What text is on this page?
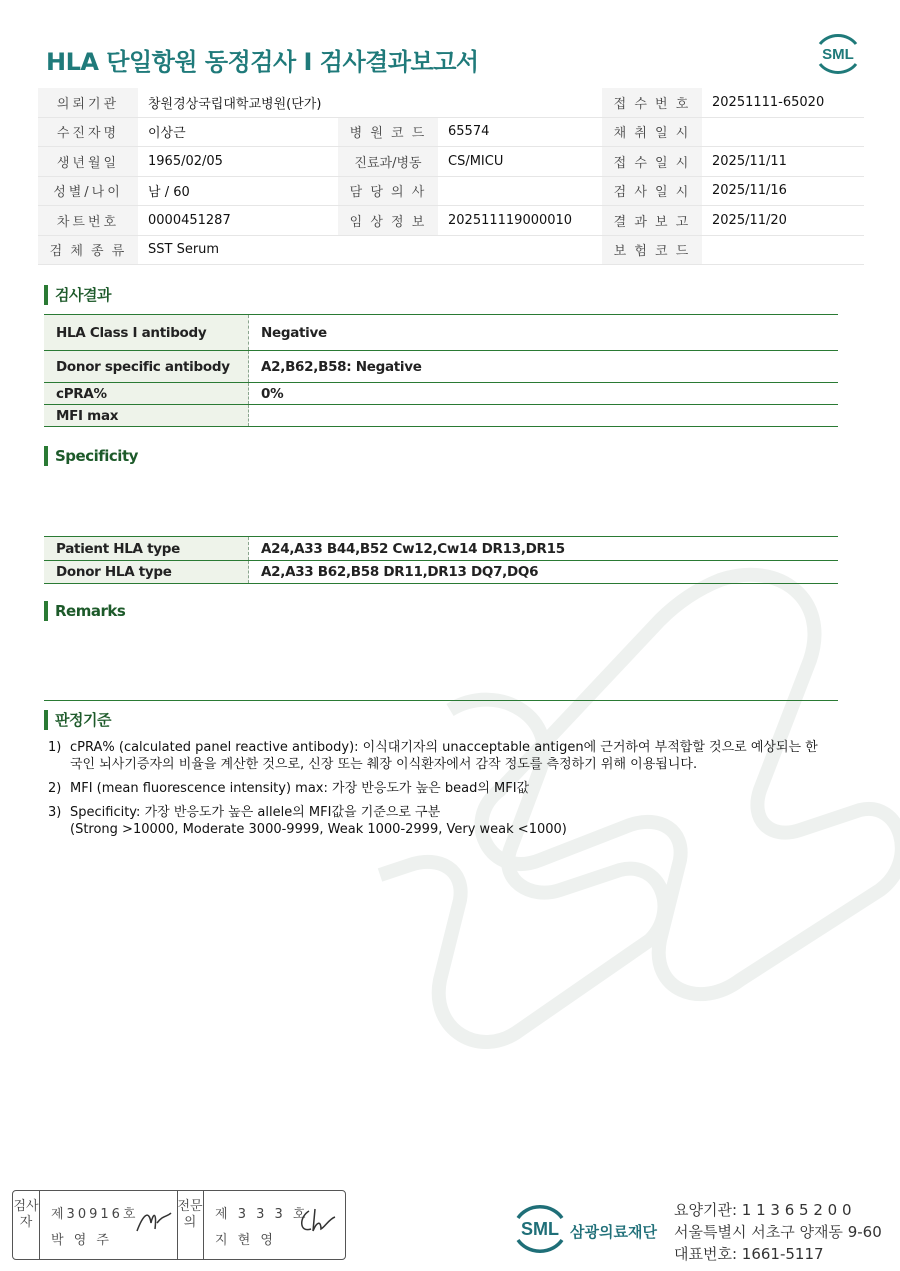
HLA 단일항원 동정검사 I 검사결과보고서	SML
의뢰기관	창원경상국립대학교병원(단가)			접 수 번 호	20251111-65020
수진자명	이상근	병 원 코 드	65574	채 취 일 시	
생년월일	1965/02/05	진료과/병동	CS/MICU	접 수 일 시	2025/11/11
성별/나이	남 / 60	담 당 의 사		검 사 일 시	2025/11/16
차트번호	0000451287	임 상 정 보	202511119000010	결 과 보 고	2025/11/20
검 체 종 류	SST Serum			보 험 코 드	
검사결과
HLA Class I antibody	Negative
Donor specific antibody	A2,B62,B58: Negative
cPRA%	0%
MFI max	
Specificity
Patient HLA type	A24,A33 B44,B52 Cw12,Cw14 DR13,DR15
Donor HLA type	A2,A33 B62,B58 DR11,DR13 DQ7,DQ6
Remarks
판정기준
1) cPRA% (calculated panel reactive antibody): 이식대기자의 unacceptable antigen에 근거하여 부적합할 것으로 예상되는 한국인 뇌사기증자의 비율을 계산한 것으로, 신장 또는 췌장 이식환자에서 감작 정도를 측정하기 위해 이용됩니다.
2) MFI (mean fluorescence intensity) max: 가장 반응도가 높은 bead의 MFI값
3) Specificity: 가장 반응도가 높은 allele의 MFI값을 기준으로 구분
(Strong >10000, Moderate 3000-9999, Weak 1000-2999, Very weak <1000)
검사자
제30916호
박 영 주
전문의
제 3 3 3 호
지 현 영
SML 삼광의료재단
요양기관: 1 1 3 6 5 2 0 0
서울특별시 서초구 양재동 9-60
대표번호: 1661-5117
